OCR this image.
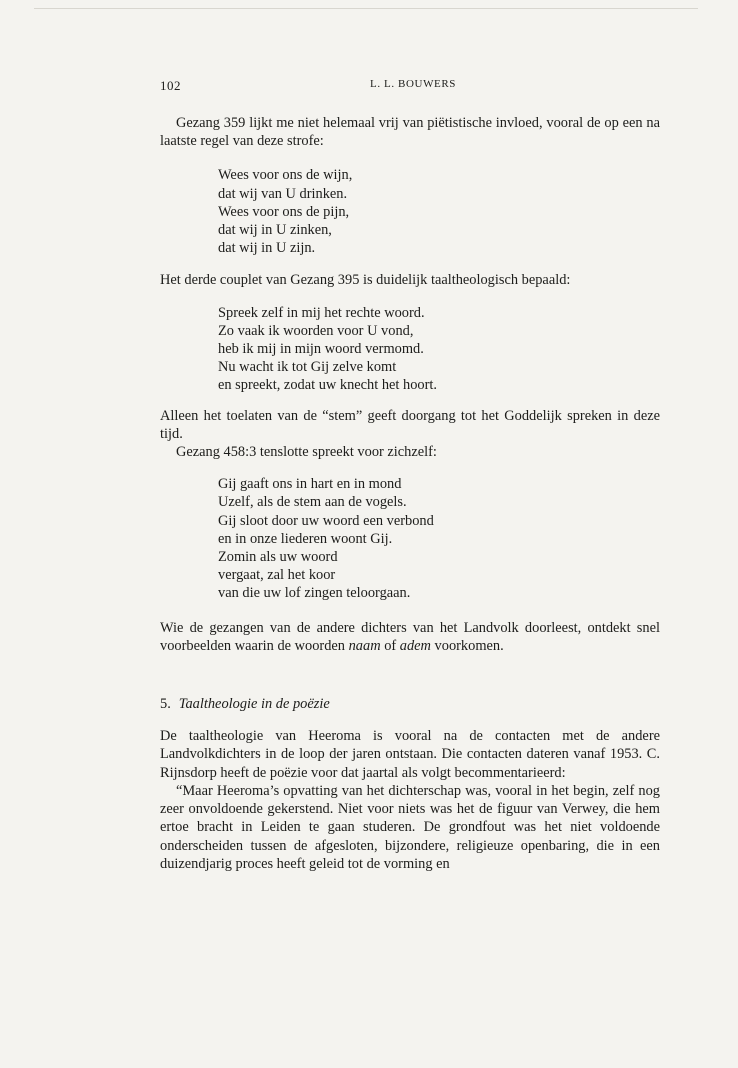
102	L. L. BOUWERS

Gezang 359 lijkt me niet helemaal vrij van piëtistische invloed, vooral de op een na laatste regel van deze strofe:

Wees voor ons de wijn,
dat wij van U drinken.
Wees voor ons de pijn,
dat wij in U zinken,
dat wij in U zijn.

Het derde couplet van Gezang 395 is duidelijk taaltheologisch bepaald:

Spreek zelf in mij het rechte woord.
Zo vaak ik woorden voor U vond,
heb ik mij in mijn woord vermomd.
Nu wacht ik tot Gij zelve komt
en spreekt, zodat uw knecht het hoort.

Alleen het toelaten van de “stem” geeft doorgang tot het Goddelijk spreken in deze tijd.

Gezang 458:3 tenslotte spreekt voor zichzelf:

Gij gaaft ons in hart en in mond
Uzelf, als de stem aan de vogels.
Gij sloot door uw woord een verbond
en in onze liederen woont Gij.
Zomin als uw woord
vergaat, zal het koor
van die uw lof zingen teloorgaan.

Wie de gezangen van de andere dichters van het Landvolk doorleest, ontdekt snel voorbeelden waarin de woorden naam of adem voorkomen.

5. Taaltheologie in de poëzie

De taaltheologie van Heeroma is vooral na de contacten met de andere Landvolkdichters in de loop der jaren ontstaan. Die contacten dateren vanaf 1953. C. Rijnsdorp heeft de poëzie voor dat jaartal als volgt becommentarieerd:

“Maar Heeroma’s opvatting van het dichterschap was, vooral in het begin, zelf nog zeer onvoldoende gekerstend. Niet voor niets was het de figuur van Verwey, die hem ertoe bracht in Leiden te gaan studeren. De grondfout was het niet voldoende onderscheiden tussen de afgesloten, bijzondere, religieuze openbaring, die in een duizendjarig proces heeft geleid tot de vorming en
